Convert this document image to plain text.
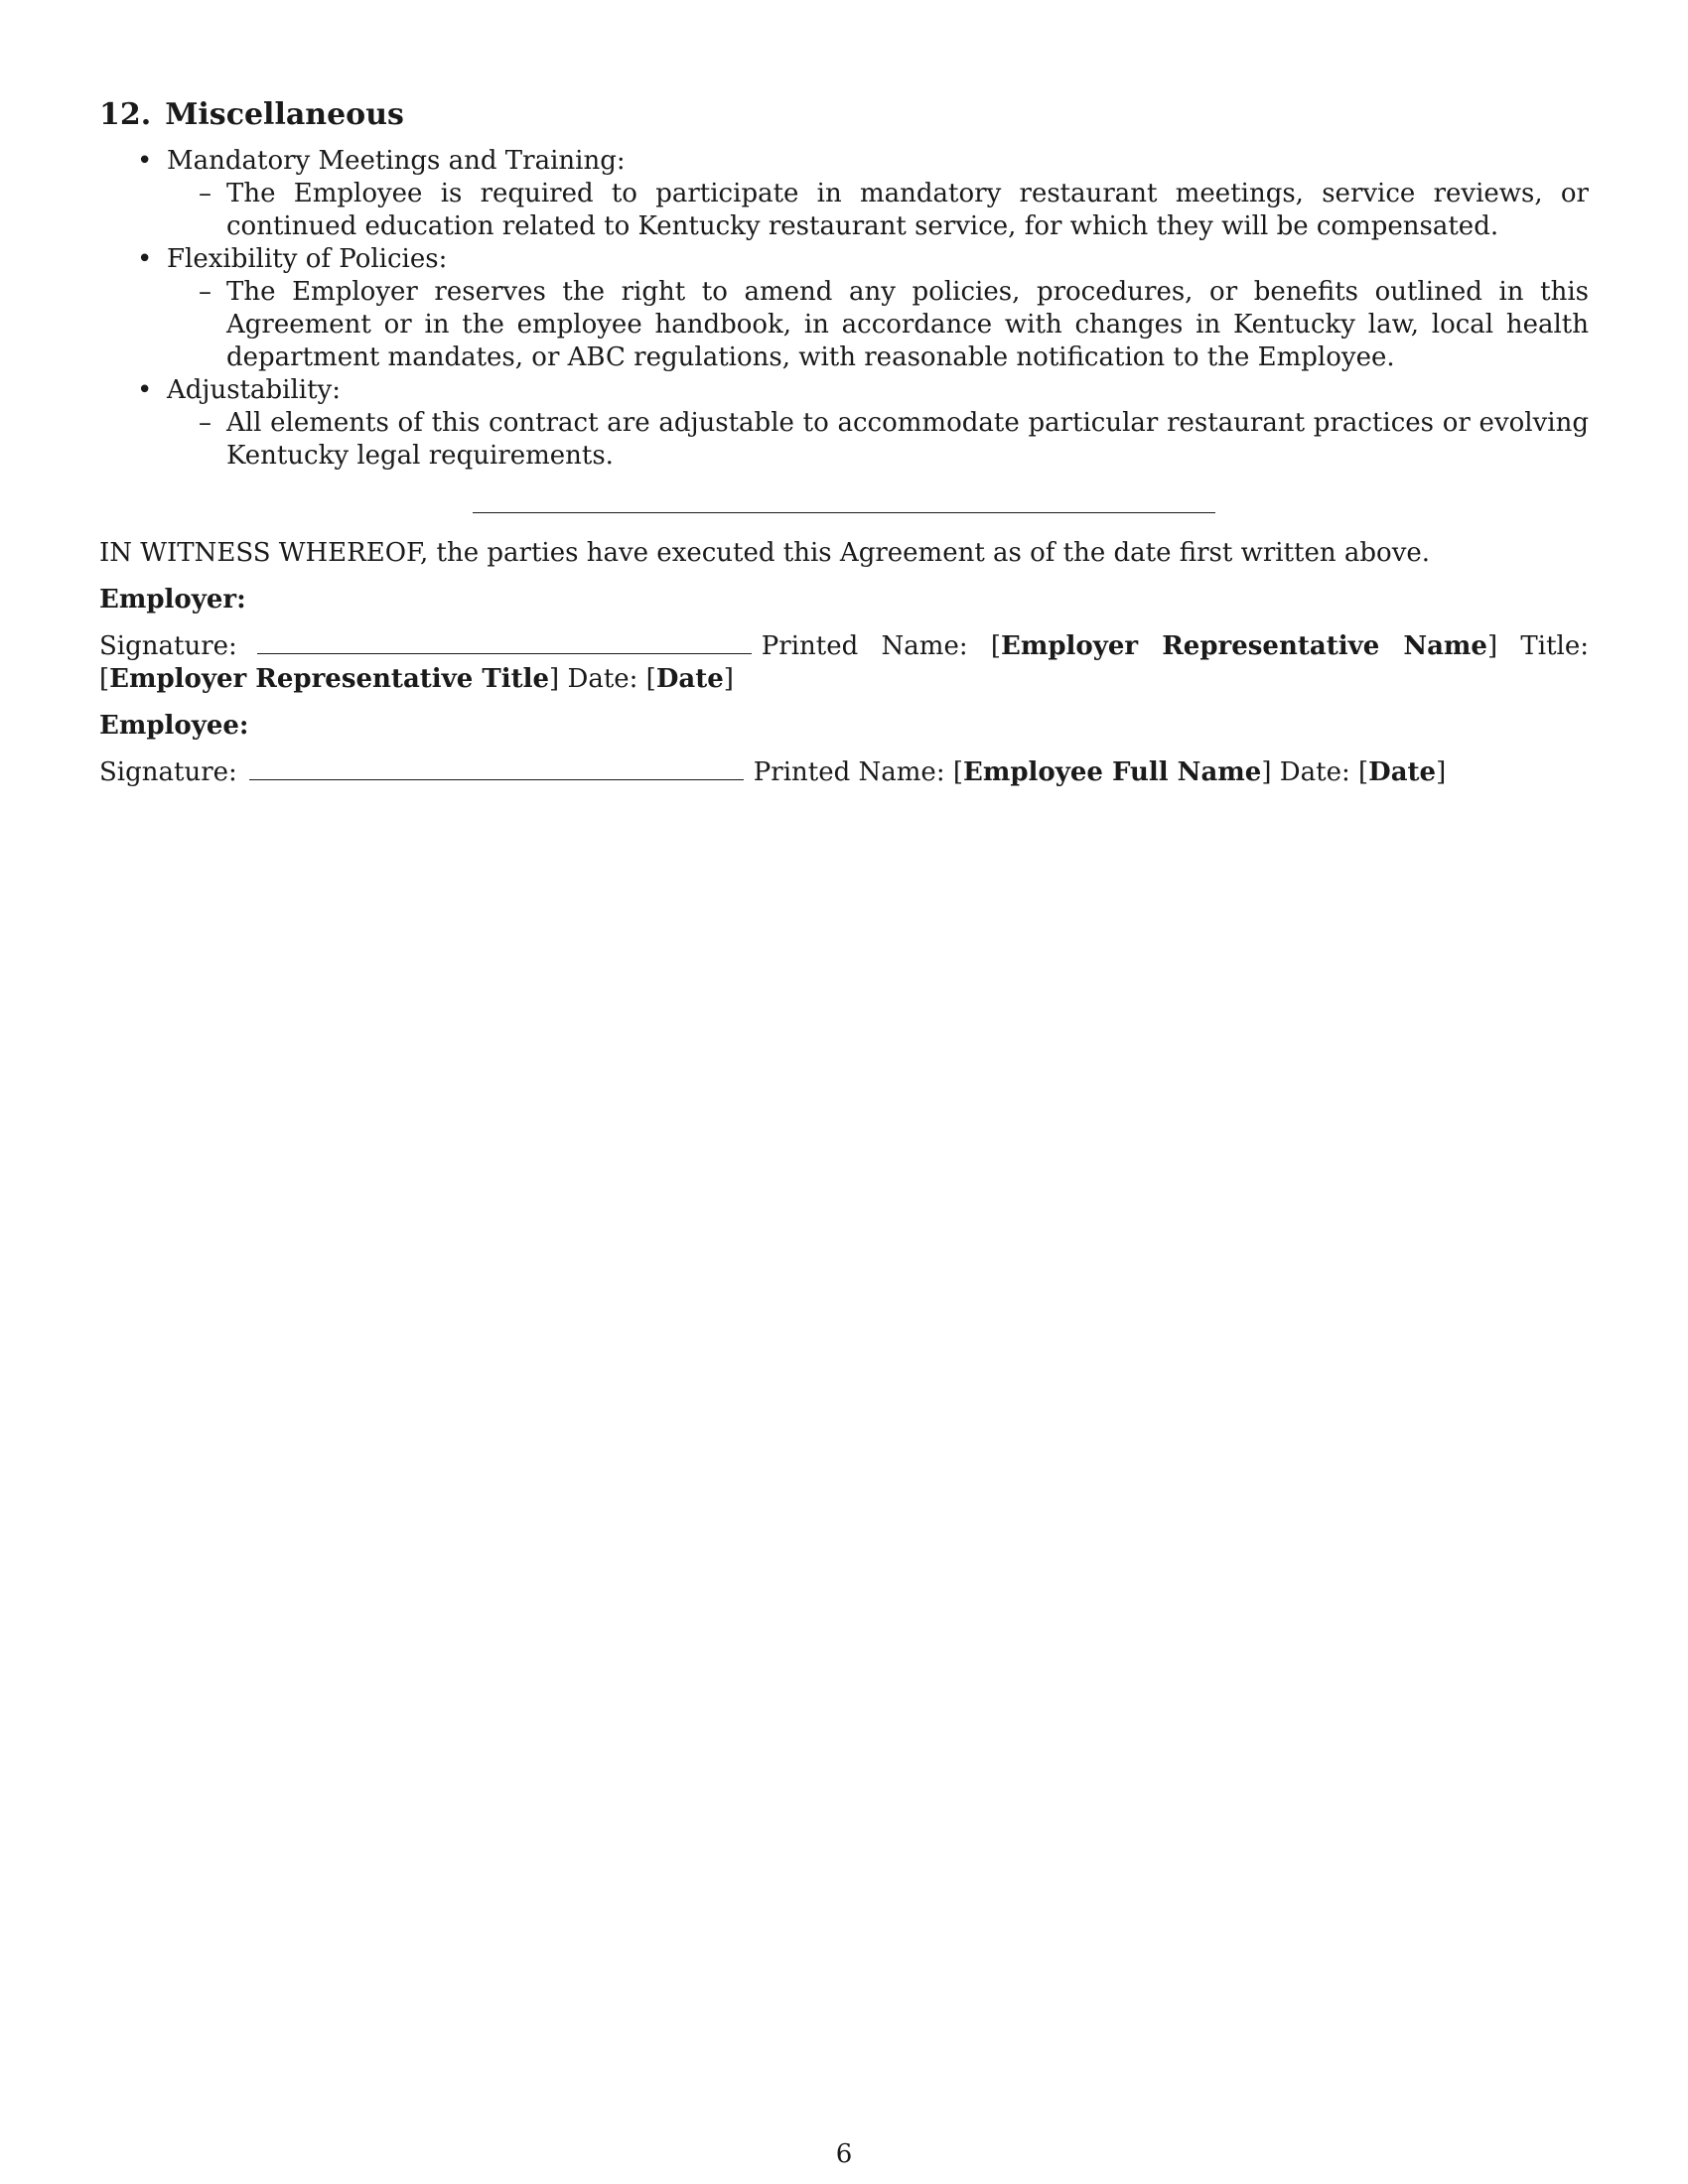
12. Miscellaneous
• Mandatory Meetings and Training:
– The Employee is required to participate in mandatory restaurant meetings, service reviews, or continued education related to Kentucky restaurant service, for which they will be compensated.
• Flexibility of Policies:
– The Employer reserves the right to amend any policies, procedures, or benefits outlined in this Agreement or in the employee handbook, in accordance with changes in Kentucky law, local health department mandates, or ABC regulations, with reasonable notification to the Employee.
• Adjustability:
– All elements of this contract are adjustable to accommodate particular restaurant practices or evolving Kentucky legal requirements.

IN WITNESS WHEREOF, the parties have executed this Agreement as of the date first written above.

Employer:

Signature:	Printed Name: [Employer Representative Name] Title: [Employer Representative Title] Date: [Date]

Employee:

Signature:	Printed Name: [Employee Full Name] Date: [Date]

6
